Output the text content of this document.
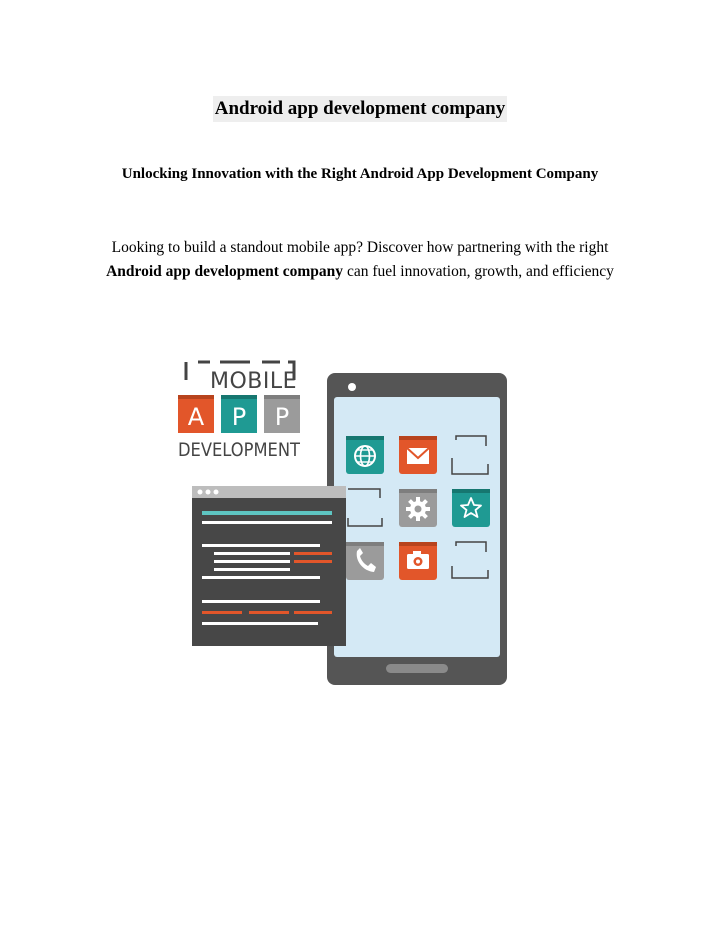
Android app development company
Unlocking Innovation with the Right Android App Development Company
Looking to build a standout mobile app? Discover how partnering with the right
Android app development company can fuel innovation, growth, and efficiency
MOBILE
A P P
DEVELOPMENT
